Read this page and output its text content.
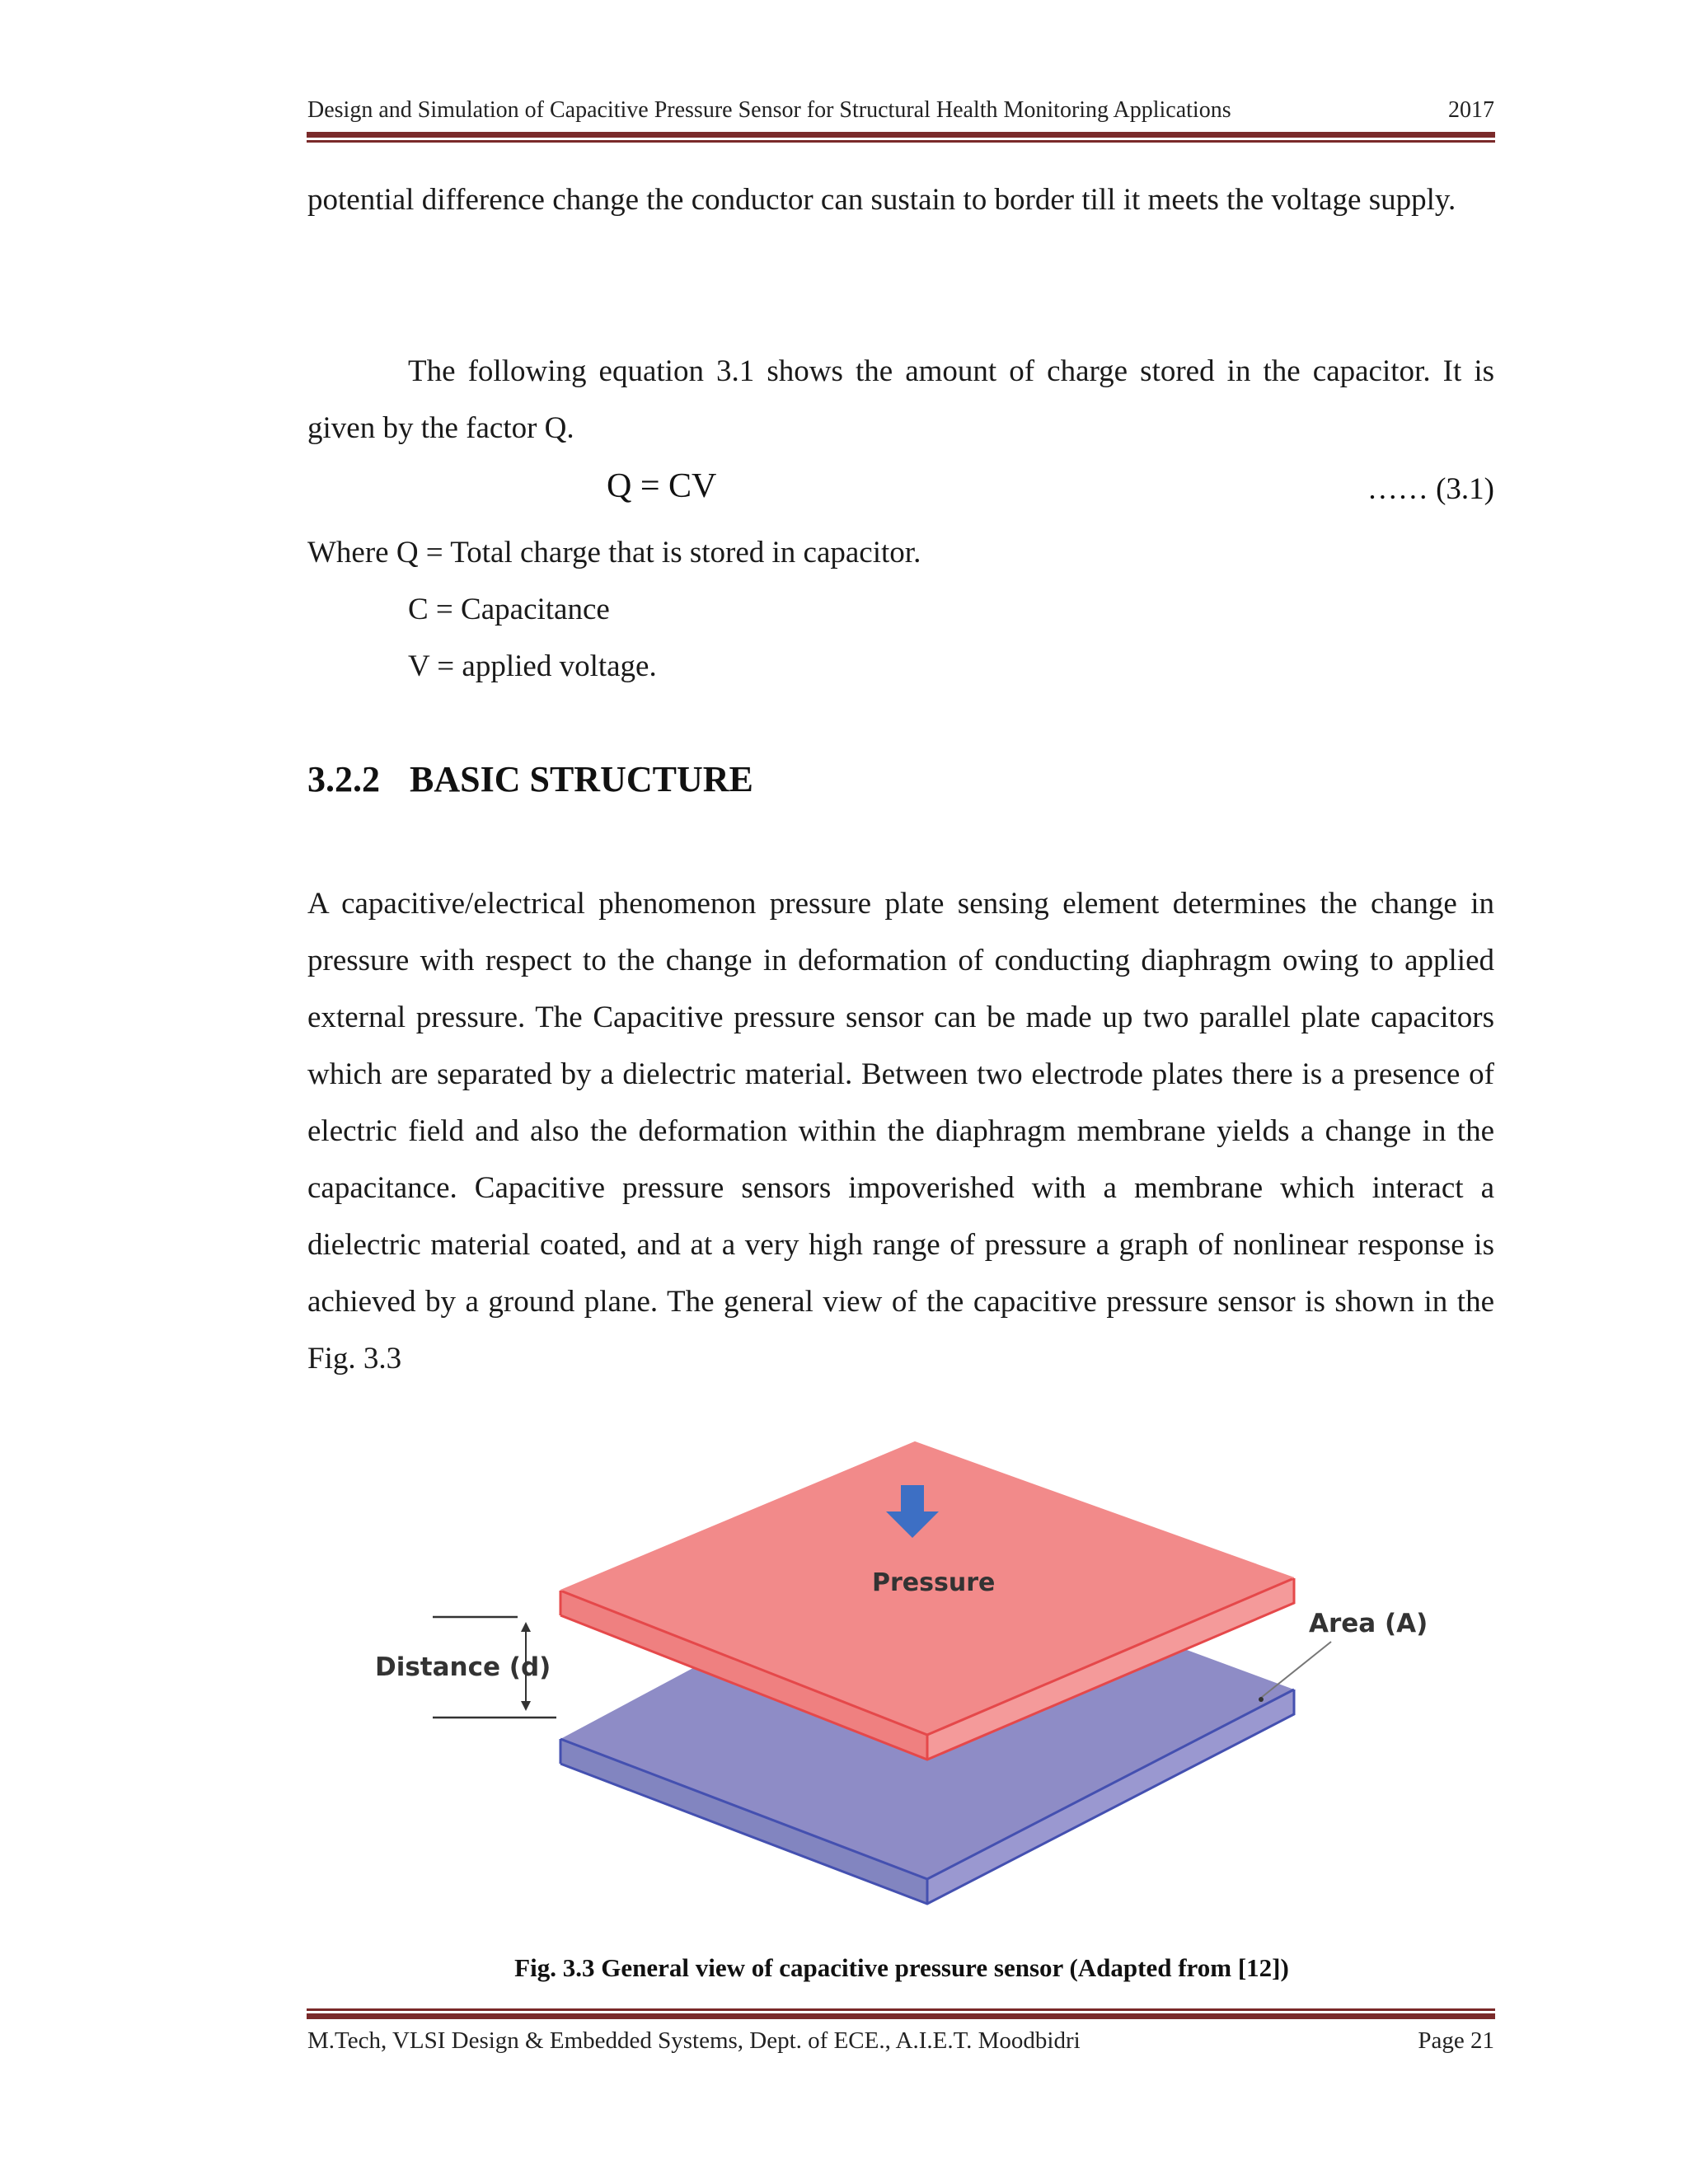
Design and Simulation of Capacitive Pressure Sensor for Structural Health Monitoring Applications	2017
potential difference change the conductor can sustain to border till it meets the voltage supply.
The following equation 3.1 shows the amount of charge stored in the capacitor. It is given by the factor Q.
Q = CV	…… (3.1)
Where Q = Total charge that is stored in capacitor.
C = Capacitance
V = applied voltage.
3.2.2 BASIC STRUCTURE
A capacitive/electrical phenomenon pressure plate sensing element determines the change in pressure with respect to the change in deformation of conducting diaphragm owing to applied external pressure. The Capacitive pressure sensor can be made up two parallel plate capacitors which are separated by a dielectric material. Between two electrode plates there is a presence of electric field and also the deformation within the diaphragm membrane yields a change in the capacitance. Capacitive pressure sensors impoverished with a membrane which interact a dielectric material coated, and at a very high range of pressure a graph of nonlinear response is achieved by a ground plane. The general view of the capacitive pressure sensor is shown in the Fig. 3.3
Pressure
Area (A)
Distance (d)
Fig. 3.3 General view of capacitive pressure sensor (Adapted from [12])
M.Tech, VLSI Design & Embedded Systems, Dept. of ECE., A.I.E.T. Moodbidri	Page 21
